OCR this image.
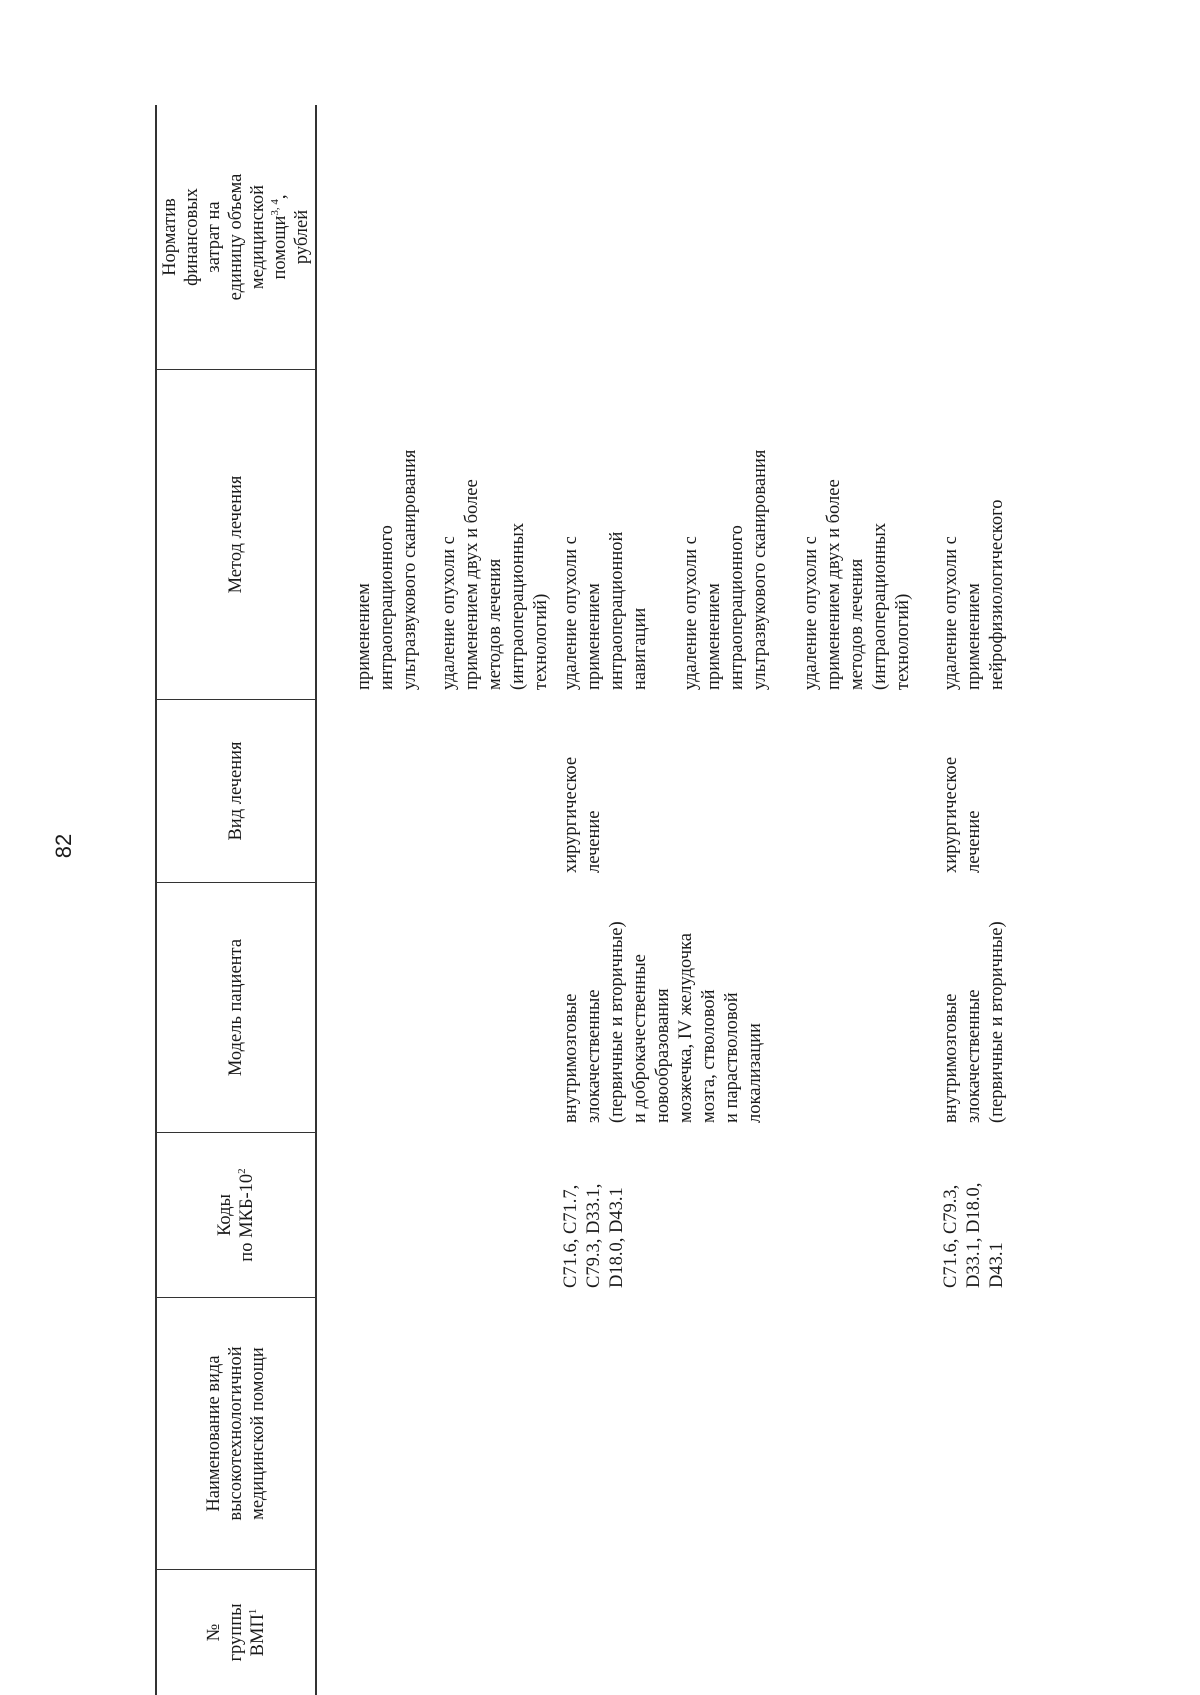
82
№
группы
ВМП$^1$
Наименование вида
высокотехнологичной
медицинской помощи
Коды
по МКБ-$10^2$
Модель пациента
Вид лечения
Метод лечения
Норматив
финансовых
затрат на
единицу объема
медицинской
помощи$^{3, 4}$,
рублей
применением
интраоперационного
ультразвукового сканирования
удаление опухоли с
применением двух и более
методов лечения
(интраоперационных
технологий)
C71.6, C71.7,
C79.3, D33.1,
D18.0, D43.1
внутримозговые
злокачественные
(первичные и вторичные)
и доброкачественные
новообразования
мозжечка, IV желудочка
мозга, стволовой
и параствoловой
локализации
хирургическое
лечение
удаление опухоли с
применением
интраоперационной
навигации удаление опухоли с
применением
интраоперационного
ультразвукового сканирования
удаление опухоли с
применением двух и более
методов лечения
(интраоперационных
технологий)
C71.6, C79.3,
D33.1, D18.0,
D43.1
внутримозговые
злокачественные
(первичные и вторичные)
хирургическое
лечение
удаление опухоли с
применением
нейрофизиологического
